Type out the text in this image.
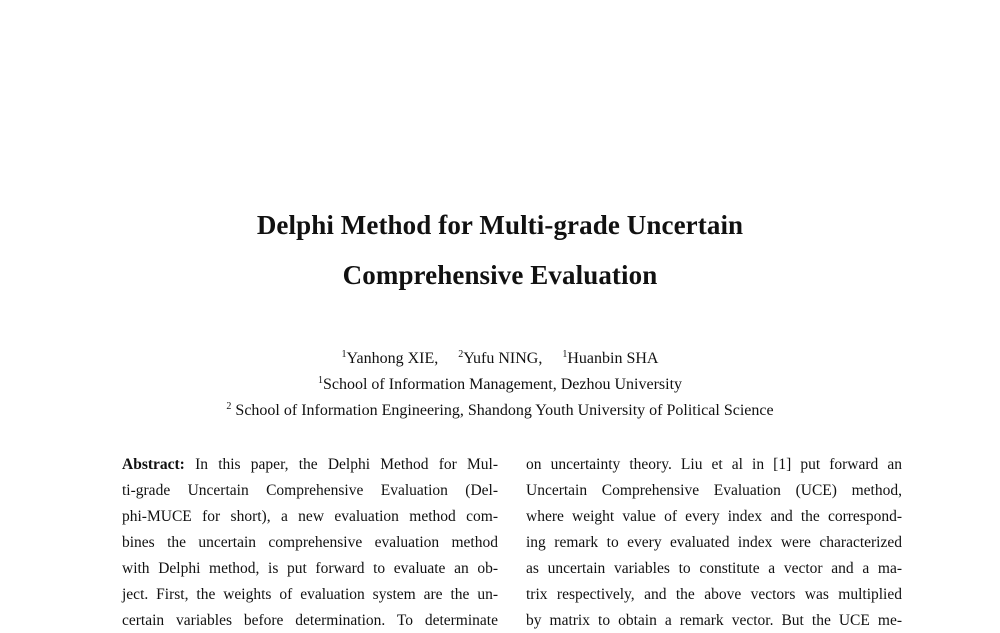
Delphi Method for Multi-grade Uncertain
Comprehensive Evaluation
$^1$Yanhong XIE, $^2$Yufu NING, $^1$Huanbin SHA
$^1$School of Information Management, Dezhou University
$^2$ School of Information Engineering, Shandong Youth University of Political Science
Abstract: In this paper, the Delphi Method for Mul-
ti-grade Uncertain Comprehensive Evaluation (Del-
phi-MUCE for short), a new evaluation method com-
bines the uncertain comprehensive evaluation method
with Delphi method, is put forward to evaluate an ob-
ject. First, the weights of evaluation system are the un-
certain variables before determination. To determinate
on uncertainty theory. Liu et al in [1] put forward an
Uncertain Comprehensive Evaluation (UCE) method,
where weight value of every index and the correspond-
ing remark to every evaluated index were characterized
as uncertain variables to constitute a vector and a ma-
trix respectively, and the above vectors was multiplied
by matrix to obtain a remark vector. But the UCE me-
